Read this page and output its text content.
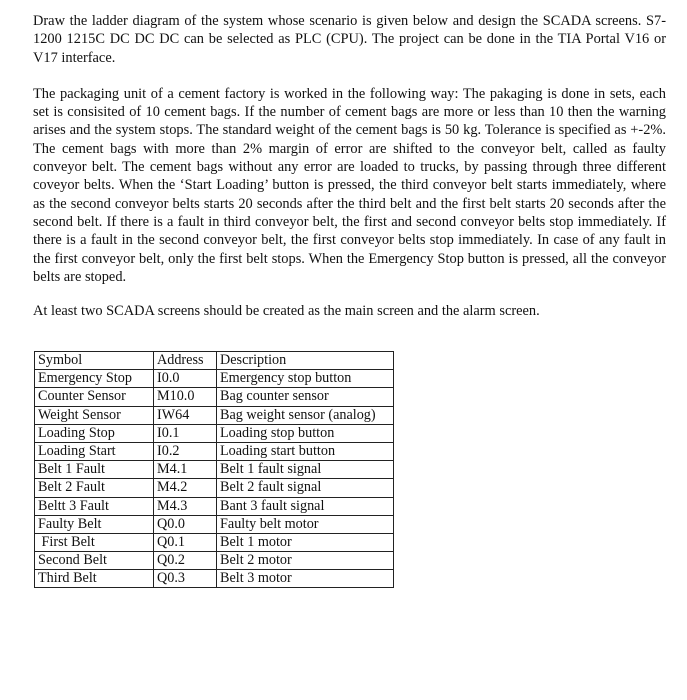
Draw the ladder diagram of the system whose scenario is given below and design the SCADA screens. S7-1200 1215C DC DC DC can be selected as PLC (CPU). The project can be done in the TIA Portal V16 or V17 interface.

The packaging unit of a cement factory is worked in the following way: The pakaging is done in sets, each set is consisited of 10 cement bags. If the number of cement bags are more or less than 10 then the warning arises and the system stops. The standard weight of the cement bags is 50 kg. Tolerance is specified as +-2%. The cement bags with more than 2% margin of error are shifted to the conveyor belt, called as faulty conveyor belt. The cement bags without any error are loaded to trucks, by passing through three different coveyor belts. When the ‘Start Loading’ button is pressed, the third conveyor belt starts immediately, where as the second conveyor belts starts 20 seconds after the third belt and the first belt starts 20 seconds after the second belt. If there is a fault in third conveyor belt, the first and second conveyor belts stop immediately. If there is a fault in the second conveyor belt, the first conveyor belts stop immediately. In case of any fault in the first conveyor belt, only the first belt stops. When the Emergency Stop button is pressed, all the conveyor belts are stoped.

At least two SCADA screens should be created as the main screen and the alarm screen.

Symbol	Address	Description
Emergency Stop	I0.0	Emergency stop button
Counter Sensor	M10.0	Bag counter sensor
Weight Sensor	IW64	Bag weight sensor (analog)
Loading Stop	I0.1	Loading stop button
Loading Start	I0.2	Loading start button
Belt 1 Fault	M4.1	Belt 1 fault signal
Belt 2 Fault	M4.2	Belt 2 fault signal
Beltt 3 Fault	M4.3	Bant 3 fault signal
Faulty Belt	Q0.0	Faulty belt motor
First Belt	Q0.1	Belt 1 motor
Second Belt	Q0.2	Belt 2 motor
Third Belt	Q0.3	Belt 3 motor
